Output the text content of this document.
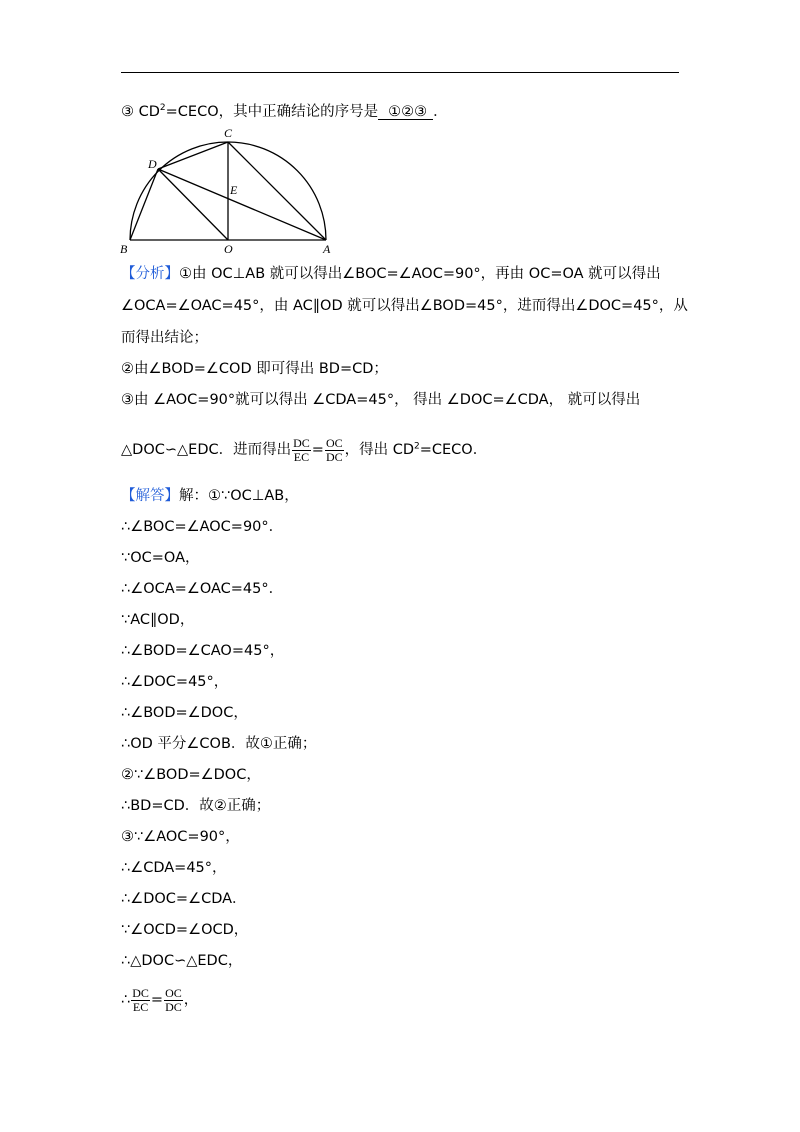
③ $CD^2=CECO$，其中正确结论的序号是 ①②③ ．
C
D
E
B	O	A
【分析】①由 OC⊥AB 就可以得出∠BOC=∠AOC=90°，再由 OC=OA 就可以得出
∠OCA=∠OAC=45°，由 AC∥OD 就可以得出∠BOD=45°，进而得出∠DOC=45°，从
而得出结论；
②由∠BOD=∠COD 即可得出 BD=CD；
③由 ∠AOC=90°就可以得出 ∠CDA=45°， 得出 ∠DOC=∠CDA， 就可以得出
△DOC∽△EDC．进而得出 $\frac{DC}{EC} = \frac{OC}{DC}$ ，得出 $CD^2=CECO$．
【解答】解：①∵OC⊥AB，
∴∠BOC=∠AOC=90°．
∵OC=OA，
∴∠OCA=∠OAC=45°．
∵AC∥OD，
∴∠BOD=∠CAO=45°，
∴∠DOC=45°，
∴∠BOD=∠DOC，
∴OD 平分∠COB．故①正确；
②∵∠BOD=∠DOC，
∴BD=CD．故②正确；
③∵∠AOC=90°，
∴∠CDA=45°，
∴∠DOC=∠CDA．
∵∠OCD=∠OCD，
∴△DOC∽△EDC，
∴ $\frac{DC}{EC} = \frac{OC}{DC}$ ，
